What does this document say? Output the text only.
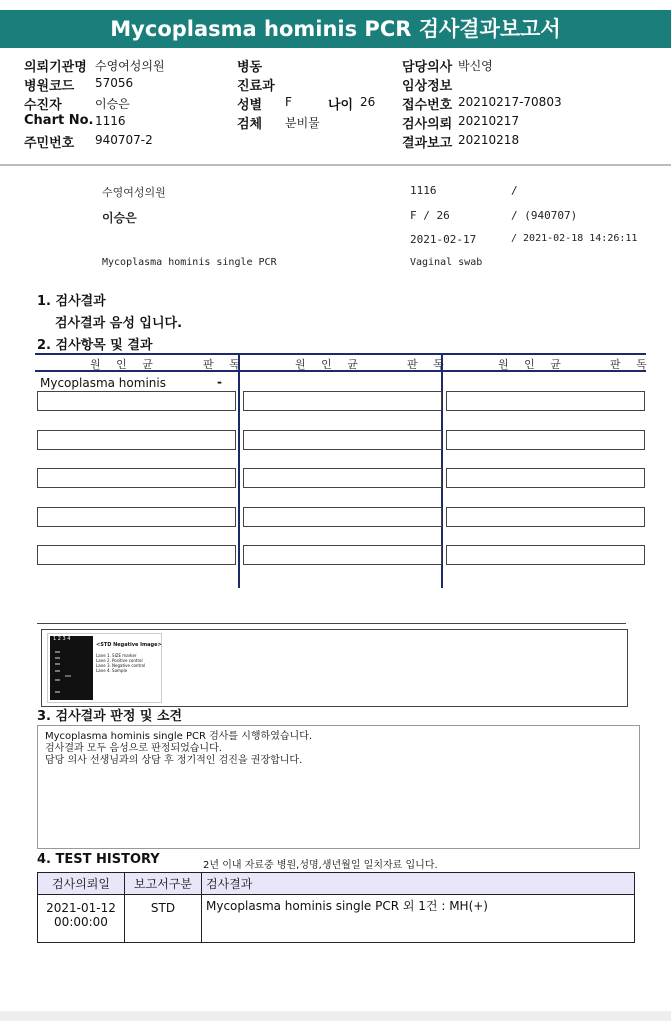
Mycoplasma hominis PCR 검사결과보고서
의뢰기관명 수영여성의원
병원코드 57056
수진자	이승은
Chart No. 1116
주민번호 940707-2
병동
진료과
성별 F	나이 26
검체 분비물
담당의사 박신영
임상정보
접수번호 20210217-70803
검사의뢰 20210217
결과보고 20210218
수영여성의원	1116	/
이승은	F / 26	/ (940707)
2021-02-17	/ 2021-02-18 14:26:11
Mycoplasma hominis single PCR	Vaginal swab
1. 검사결과
검사결과 음성 입니다.
2. 검사항목 및 결과
원 인 균	판 독	원 인 균	판 독	원 인 균	판 독
Mycoplasma hominis	-
1 2 3 4
<STD Negative Image>
Lane 1. SIZE marker
Lane 2. Positive control
Lane 3. Negative control
Lane 4. Sample
3. 검사결과 판정 및 소견
Mycoplasma hominis single PCR 검사를 시행하였습니다.
검사결과 모두 음성으로 판정되었습니다.
담당 의사 선생님과의 상담 후 정기적인 검진을 권장합니다.
4. TEST HISTORY	2년 이내 자료중 병원,성명,생년월일 일치자료 입니다.
검사의뢰일	보고서구분	검사결과

2021-01-12
00:00:00	STD	Mycoplasma hominis single PCR 외 1건 : MH(+)
